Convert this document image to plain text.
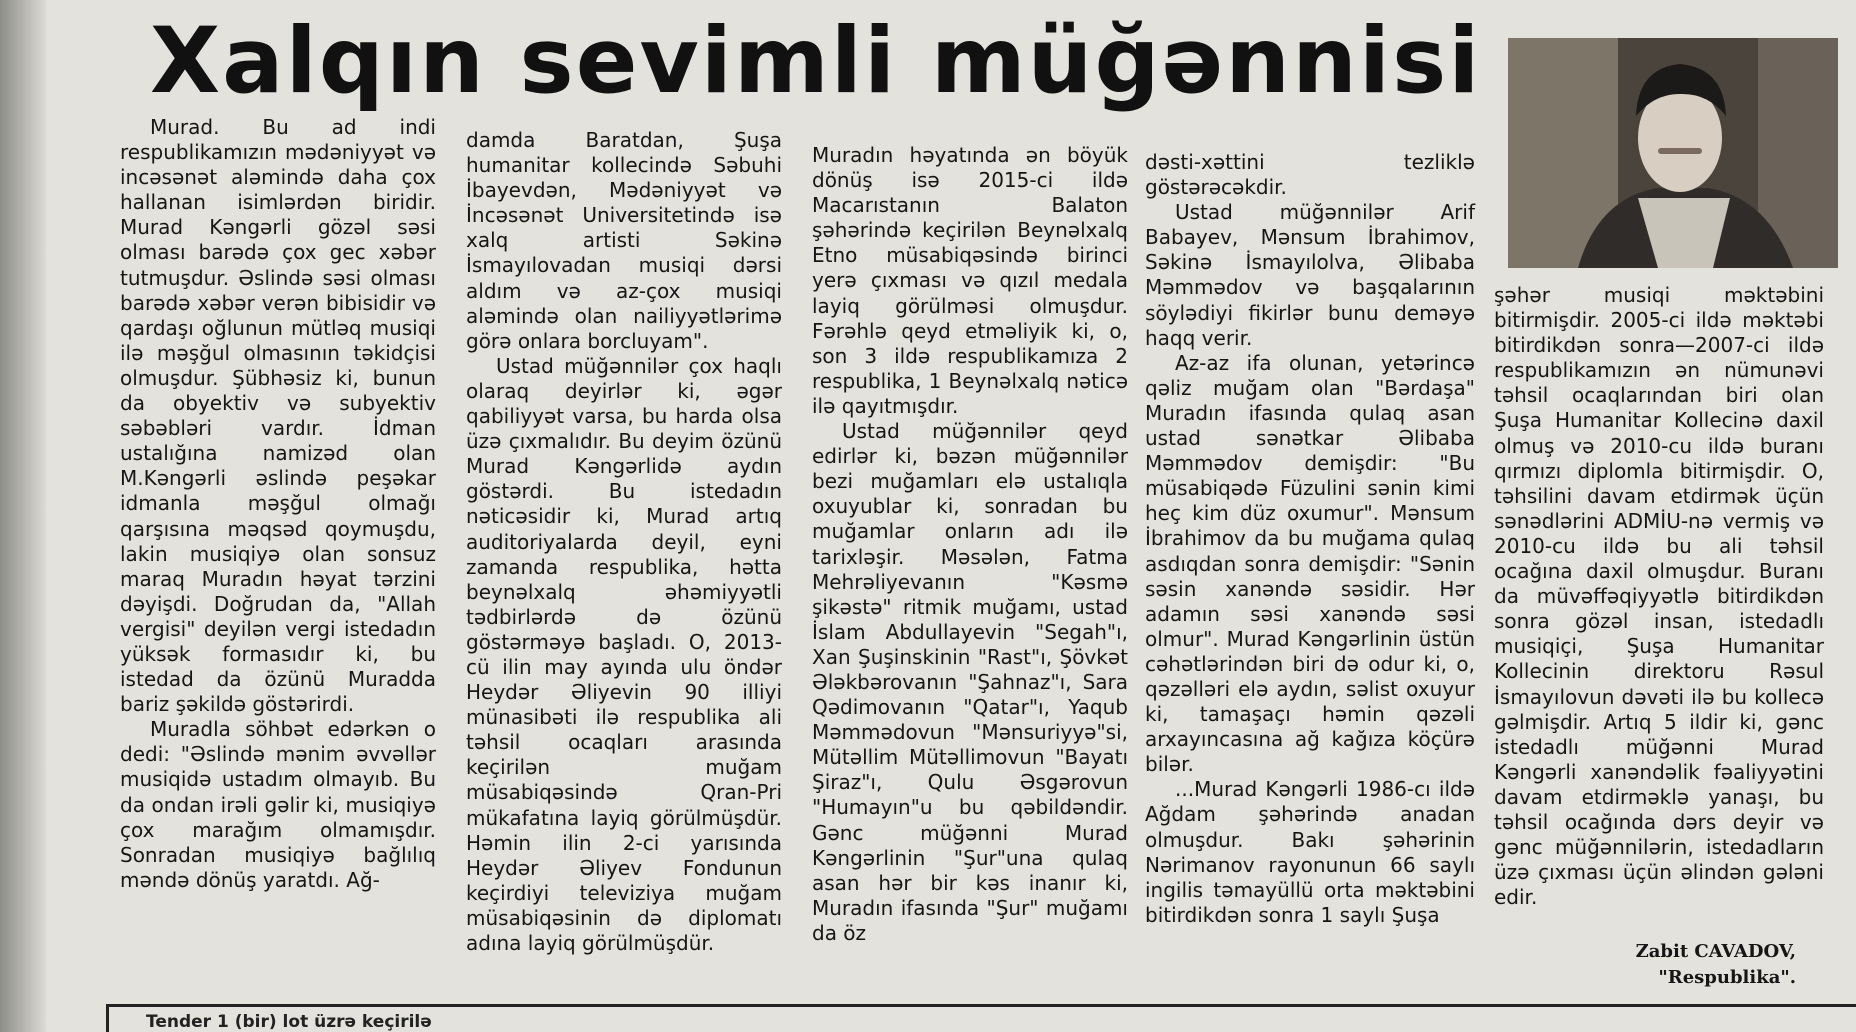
Xalqın sevimli müğənnisi

Murad. Bu ad indi respublikamızın mədəniyyət və incəsənət aləmində daha çox hallanan isimlərdən biridir. Murad Kəngərli gözəl səsi olması barədə çox gec xəbər tutmuşdur. Əslində səsi olması barədə xəbər verən bibisidir və qardaşı oğlunun mütləq musiqi ilə məşğul olmasının təkidçisi olmuşdur. Şübhəsiz ki, bunun da obyektiv və subyektiv səbəbləri vardır. İdman ustalığına namizəd olan M.Kəngərli əslində peşəkar idmanla məşğul olmağı qarşısına məqsəd qoymuşdu, lakin musiqiyə olan sonsuz maraq Muradın həyat tərzini dəyişdi. Doğrudan da, "Allah vergisi" deyilən vergi istedadın yüksək formasıdır ki, bu istedad da özünü Muradda bariz şəkildə göstərirdi.

Muradla söhbət edərkən o dedi: "Əslində mənim əvvəllər musiqidə ustadım olmayıb. Bu da ondan irəli gəlir ki, musiqiyə çox marağım olmamışdır. Sonradan musiqiyə bağlılıq məndə dönüş yaratdı. Ağ-

damda Baratdan, Şuşa humanitar kollecində Səbuhi İbayevdən, Mədəniyyət və İncəsənət Universitetində isə xalq artisti Səkinə İsmayılovadan musiqi dərsi aldım və az-çox musiqi aləmində olan nailiyyətlərimə görə onlara borcluyam".

Ustad müğənnilər çox haqlı olaraq deyirlər ki, əgər qabiliyyət varsa, bu harda olsa üzə çıxmalıdır. Bu deyim özünü Murad Kəngərlidə aydın göstərdi. Bu istedadın nəticəsidir ki, Murad artıq auditoriyalarda deyil, eyni zamanda respublika, hətta beynəlxalq əhəmiyyətli tədbirlərdə də özünü göstərməyə başladı. O, 2013-cü ilin may ayında ulu öndər Heydər Əliyevin 90 illiyi münasibəti ilə respublika ali təhsil ocaqları arasında keçirilən muğam müsabiqəsində Qran-Pri mükafatına layiq görülmüşdür. Həmin ilin 2-ci yarısında Heydər Əliyev Fondunun keçirdiyi televiziya muğam müsabiqəsinin də diplomatı adına layiq görülmüşdür.

Muradın həyatında ən böyük dönüş isə 2015-ci ildə Macarıstanın Balaton şəhərində keçirilən Beynəlxalq Etno müsabiqəsində birinci yerə çıxması və qızıl medala layiq görülməsi olmuşdur. Fərəhlə qeyd etməliyik ki, o, son 3 ildə respublikamıza 2 respublika, 1 Beynəlxalq nəticə ilə qayıtmışdır.

Ustad müğənnilər qeyd edirlər ki, bəzən müğənnilər bezi muğamları elə ustalıqla oxuyublar ki, sonradan bu muğamlar onların adı ilə tarixləşir. Məsələn, Fatma Mehrəliyevanın "Kəsmə şikəstə" ritmik muğamı, ustad İslam Abdullayevin "Segah"ı, Xan Şuşinskinin "Rast"ı, Şövkət Ələkbərovanın "Şahnaz"ı, Sara Qədimovanın "Qatar"ı, Yaqub Məmmədovun "Mənsuriyyə"si, Mütəllim Mütəllimovun "Bayatı Şiraz"ı, Qulu Əsgərovun "Humayın"u bu qəbildəndir. Gənc müğənni Murad Kəngərlinin "Şur"una qulaq asan hər bir kəs inanır ki, Muradın ifasında "Şur" muğamı da öz

dəsti-xəttini tezliklə göstərəcəkdir.

Ustad müğənnilər Arif Babayev, Mənsum İbrahimov, Səkinə İsmayılolva, Əlibaba Məmmədov və başqalarının söylədiyi fikirlər bunu deməyə haqq verir.

Az-az ifa olunan, yetərincə qəliz muğam olan "Bərdaşa" Muradın ifasında qulaq asan ustad sənətkar Əlibaba Məmmədov demişdir: "Bu müsabiqədə Füzulini sənin kimi heç kim düz oxumur". Mənsum İbrahimov da bu muğama qulaq asdıqdan sonra demişdir: "Sənin səsin xanəndə səsidir. Hər adamın səsi xanəndə səsi olmur". Murad Kəngərlinin üstün cəhətlərindən biri də odur ki, o, qəzəlləri elə aydın, səlist oxuyur ki, tamaşaçı həmin qəzəli arxayıncasına ağ kağıza köçürə bilər.

...Murad Kəngərli 1986-cı ildə Ağdam şəhərində anadan olmuşdur. Bakı şəhərinin Nərimanov rayonunun 66 saylı ingilis təmayüllü orta məktəbini bitirdikdən sonra 1 saylı Şuşa

şəhər musiqi məktəbini bitirmişdir. 2005-ci ildə məktəbi bitirdikdən sonra—2007-ci ildə respublikamızın ən nümunəvi təhsil ocaqlarından biri olan Şuşa Humanitar Kollecinə daxil olmuş və 2010-cu ildə buranı qırmızı diplomla bitirmişdir. O, təhsilini davam etdirmək üçün sənədlərini ADMİU-nə vermiş və 2010-cu ildə bu ali təhsil ocağına daxil olmuşdur. Buranı da müvəffəqiyyətlə bitirdikdən sonra gözəl insan, istedadlı musiqiçi, Şuşa Humanitar Kollecinin direktoru Rəsul İsmayılovun dəvəti ilə bu kollecə gəlmişdir. Artıq 5 ildir ki, gənc istedadlı müğənni Murad Kəngərli xanəndəlik fəaliyyətini davam etdirməklə yanaşı, bu təhsil ocağında dərs deyir və gənc müğənnilərin, istedadların üzə çıxması üçün əlindən gələni edir.

Zabit CAVADOV,
"Respublika".
Tender 1 (bir) lot üzrə keçirilə
